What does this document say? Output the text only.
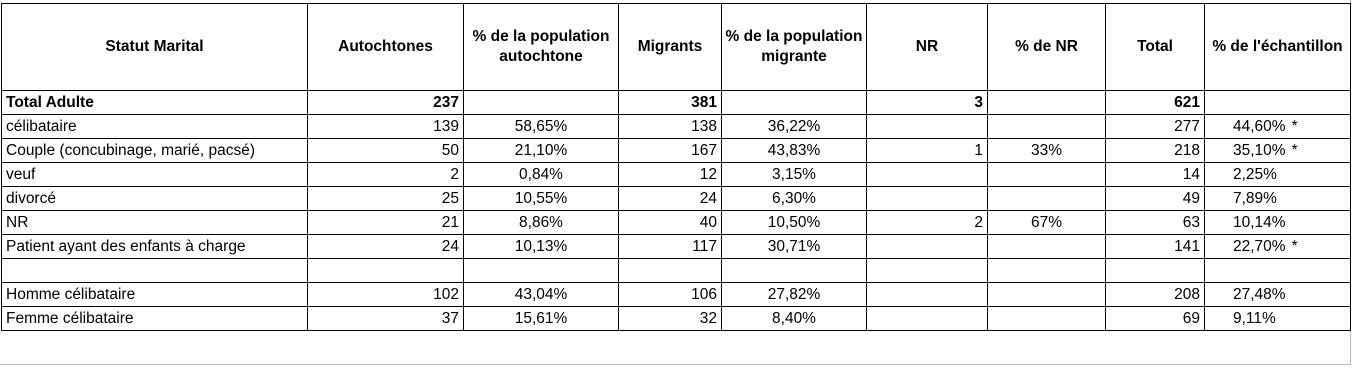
Statut Marital	Autochtones	% de la population autochtone	Migrants	% de la population migrante	NR	% de NR	Total	% de l'échantillon
Total Adulte	237		381		3		621	
célibataire	139	58,65%	138	36,22%			277	44,60% *
Couple (concubinage, marié, pacsé)	50	21,10%	167	43,83%	1	33%	218	35,10% *
veuf	2	0,84%	12	3,15%			14	2,25%
divorcé	25	10,55%	24	6,30%			49	7,89%
NR	21	8,86%	40	10,50%	2	67%	63	10,14%
Patient ayant des enfants à charge	24	10,13%	117	30,71%			141	22,70% *

Homme célibataire	102	43,04%	106	27,82%			208	27,48%
Femme célibataire	37	15,61%	32	8,40%			69	9,11%
